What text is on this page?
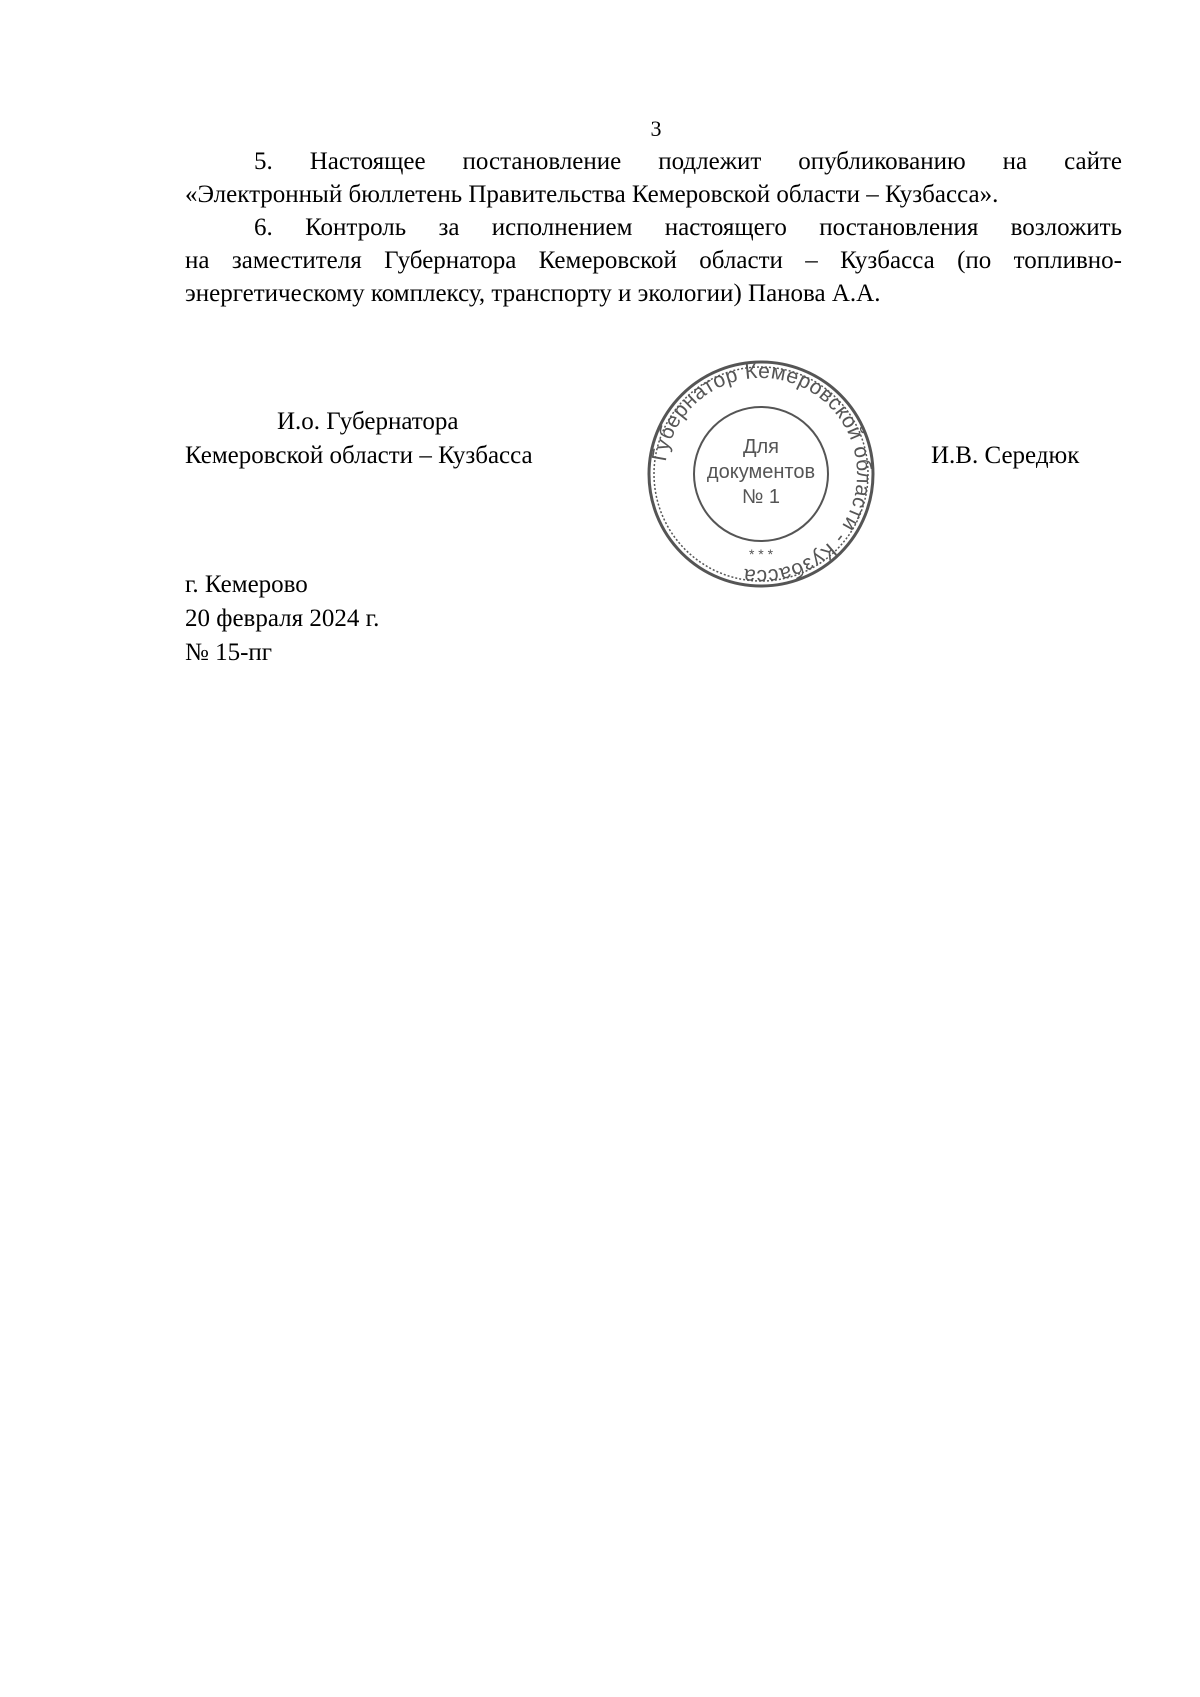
3
5. Настоящее постановление подлежит опубликованию на сайте
«Электронный бюллетень Правительства Кемеровской области – Кузбасса».
6. Контроль за исполнением настоящего постановления возложить
на заместителя Губернатора Кемеровской области – Кузбасса (по топливно-
энергетическому комплексу, транспорту и экологии) Панова А.А.
И.о. Губернатора
Кемеровской области – Кузбасса	И.В. Середюк
Губернатор Кемеровской области - Кузбасса
Для
документов
№ 1
* * *
г. Кемерово
20 февраля 2024 г.
№ 15-пг
